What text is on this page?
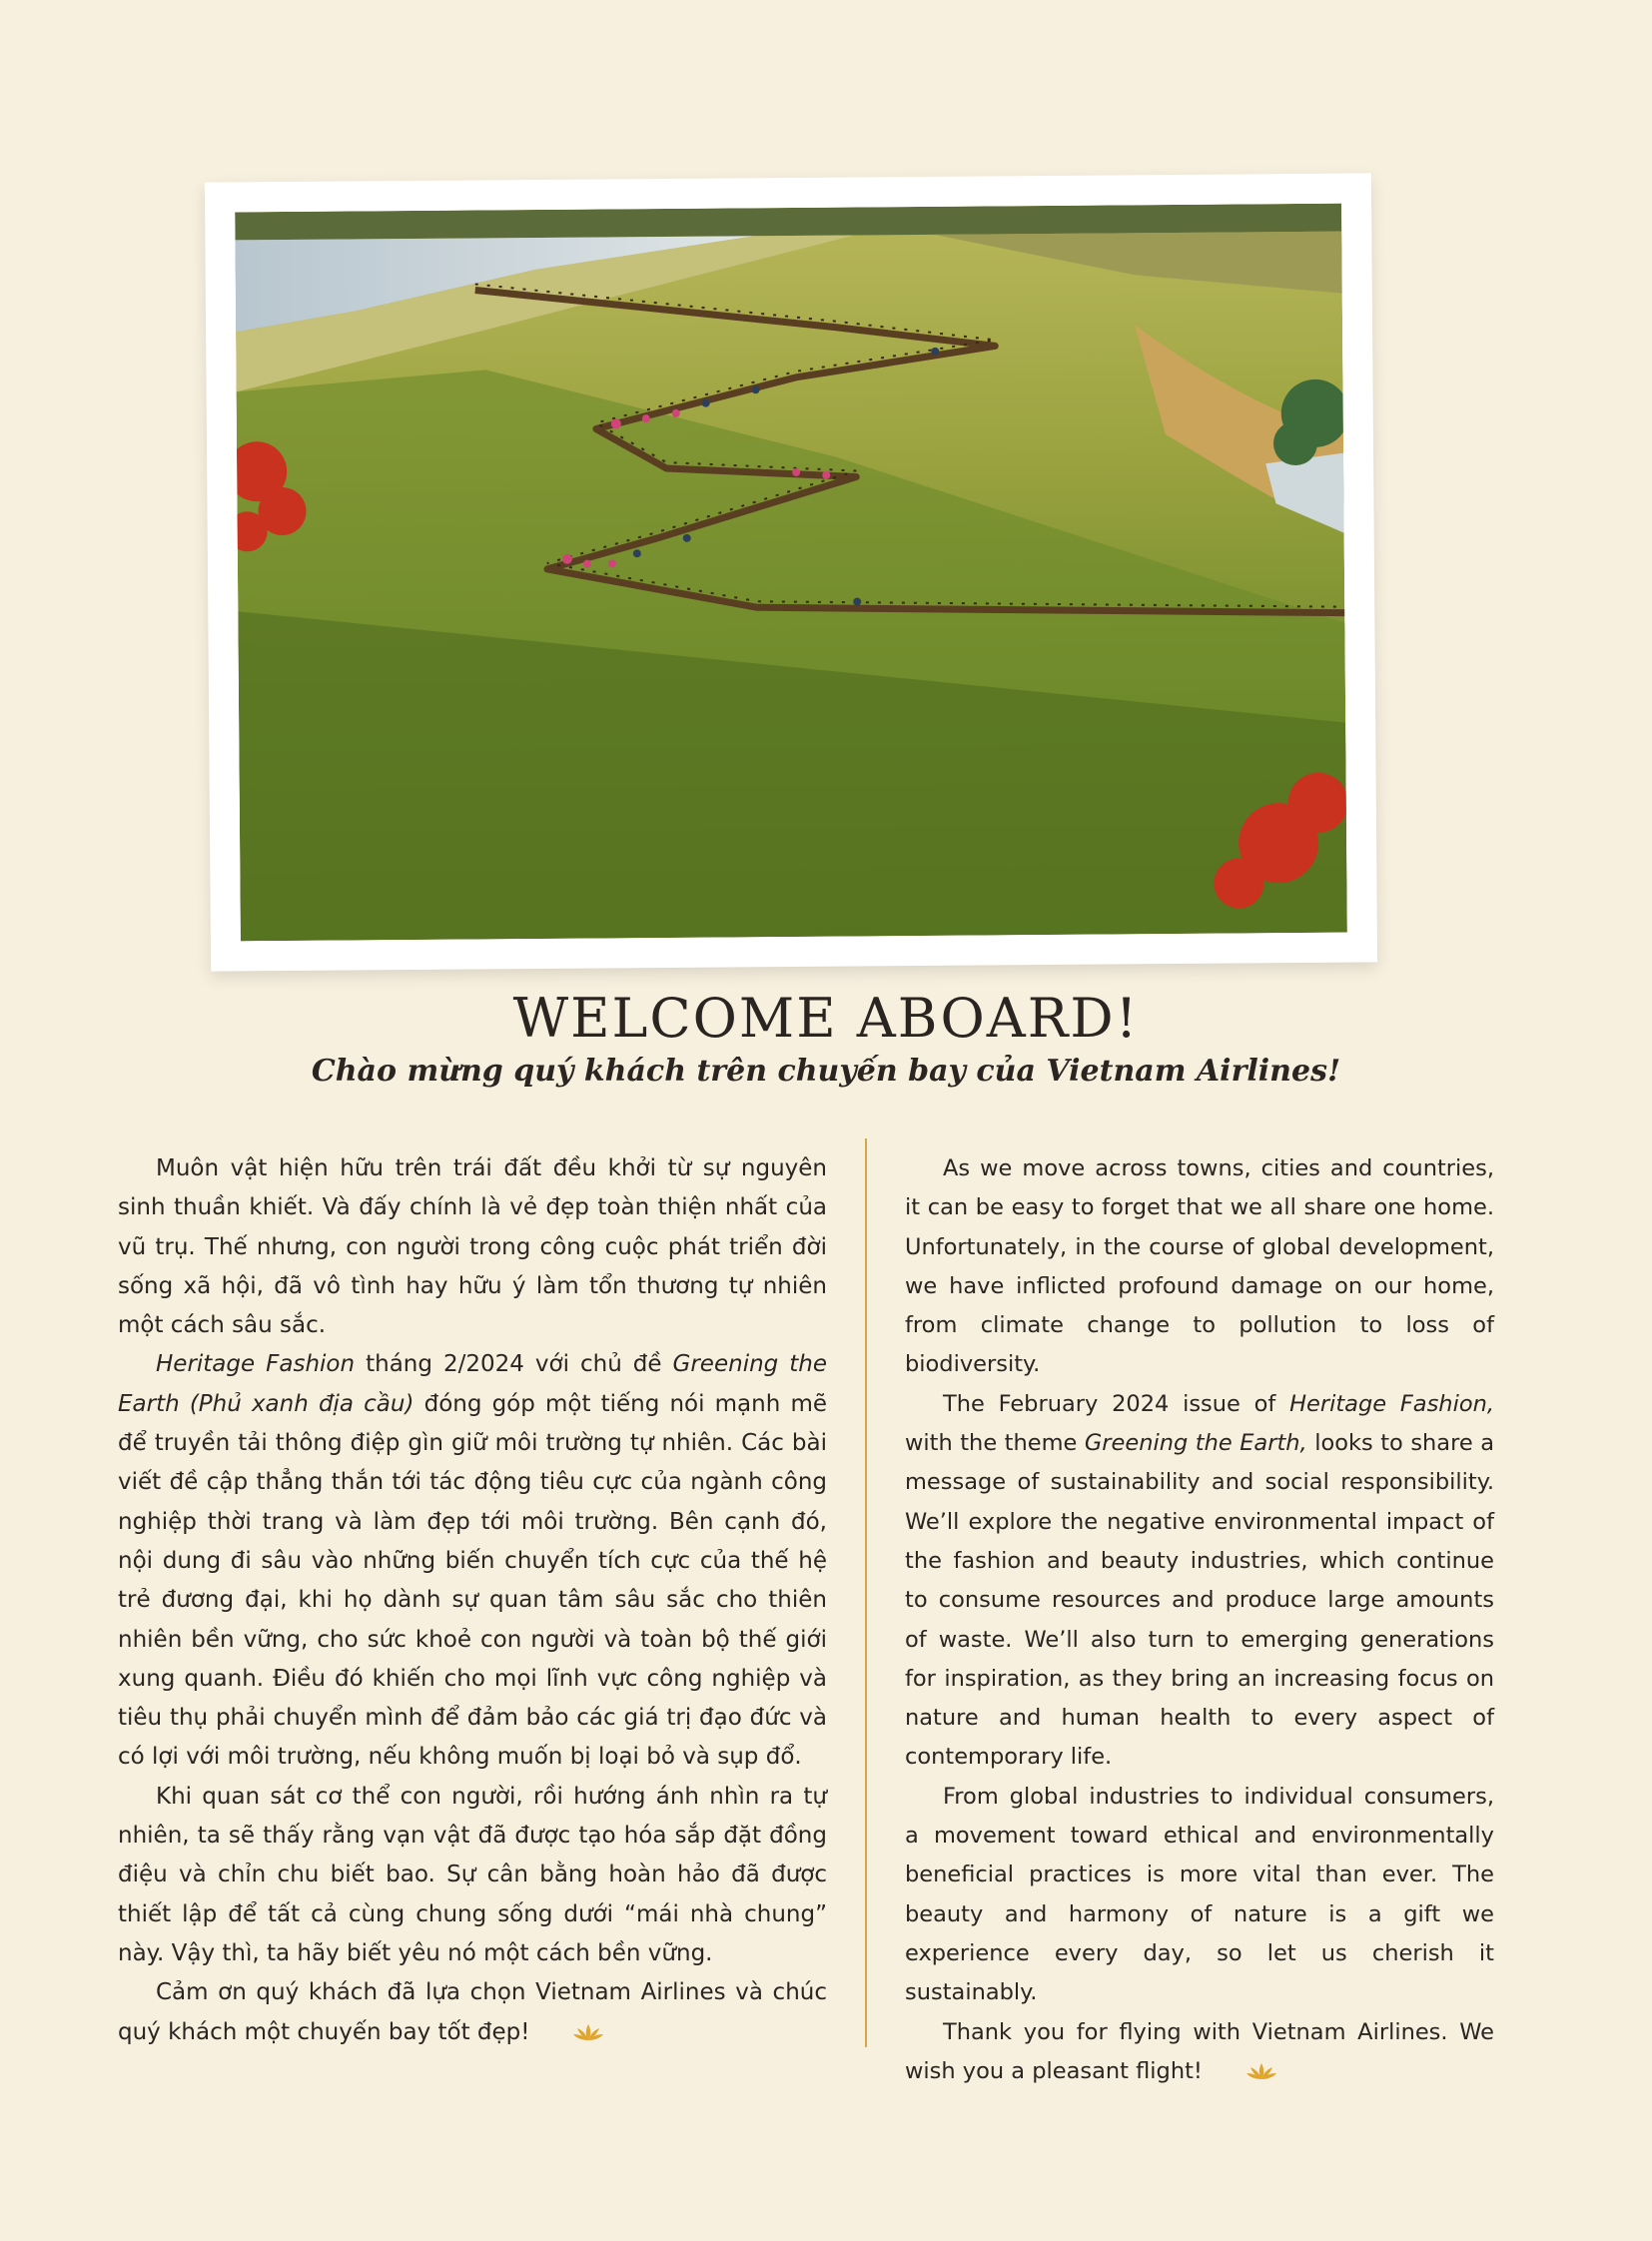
WELCOME ABOARD!
Chào mừng quý khách trên chuyến bay của Vietnam Airlines!

Muôn vật hiện hữu trên trái đất đều khởi từ sự nguyên sinh thuần khiết. Và đấy chính là vẻ đẹp toàn thiện nhất của vũ trụ. Thế nhưng, con người trong công cuộc phát triển đời sống xã hội, đã vô tình hay hữu ý làm tổn thương tự nhiên một cách sâu sắc.

Heritage Fashion tháng 2/2024 với chủ đề Greening the Earth (Phủ xanh địa cầu) đóng góp một tiếng nói mạnh mẽ để truyền tải thông điệp gìn giữ môi trường tự nhiên. Các bài viết đề cập thẳng thắn tới tác động tiêu cực của ngành công nghiệp thời trang và làm đẹp tới môi trường. Bên cạnh đó, nội dung đi sâu vào những biến chuyển tích cực của thế hệ trẻ đương đại, khi họ dành sự quan tâm sâu sắc cho thiên nhiên bền vững, cho sức khoẻ con người và toàn bộ thế giới xung quanh. Điều đó khiến cho mọi lĩnh vực công nghiệp và tiêu thụ phải chuyển mình để đảm bảo các giá trị đạo đức và có lợi với môi trường, nếu không muốn bị loại bỏ và sụp đổ.

Khi quan sát cơ thể con người, rồi hướng ánh nhìn ra tự nhiên, ta sẽ thấy rằng vạn vật đã được tạo hóa sắp đặt đồng điệu và chỉn chu biết bao. Sự cân bằng hoàn hảo đã được thiết lập để tất cả cùng chung sống dưới “mái nhà chung” này. Vậy thì, ta hãy biết yêu nó một cách bền vững.

Cảm ơn quý khách đã lựa chọn Vietnam Airlines và chúc quý khách một chuyến bay tốt đẹp!

As we move across towns, cities and countries, it can be easy to forget that we all share one home. Unfortunately, in the course of global development, we have inflicted profound damage on our home, from climate change to pollution to loss of biodiversity.

The February 2024 issue of Heritage Fashion, with the theme Greening the Earth, looks to share a message of sustainability and social responsibility. We’ll explore the negative environmental impact of the fashion and beauty industries, which continue to consume resources and produce large amounts of waste. We’ll also turn to emerging generations for inspiration, as they bring an increasing focus on nature and human health to every aspect of contemporary life.

From global industries to individual consumers, a movement toward ethical and environmentally beneficial practices is more vital than ever. The beauty and harmony of nature is a gift we experience every day, so let us cherish it sustainably.

Thank you for flying with Vietnam Airlines. We wish you a pleasant flight!
